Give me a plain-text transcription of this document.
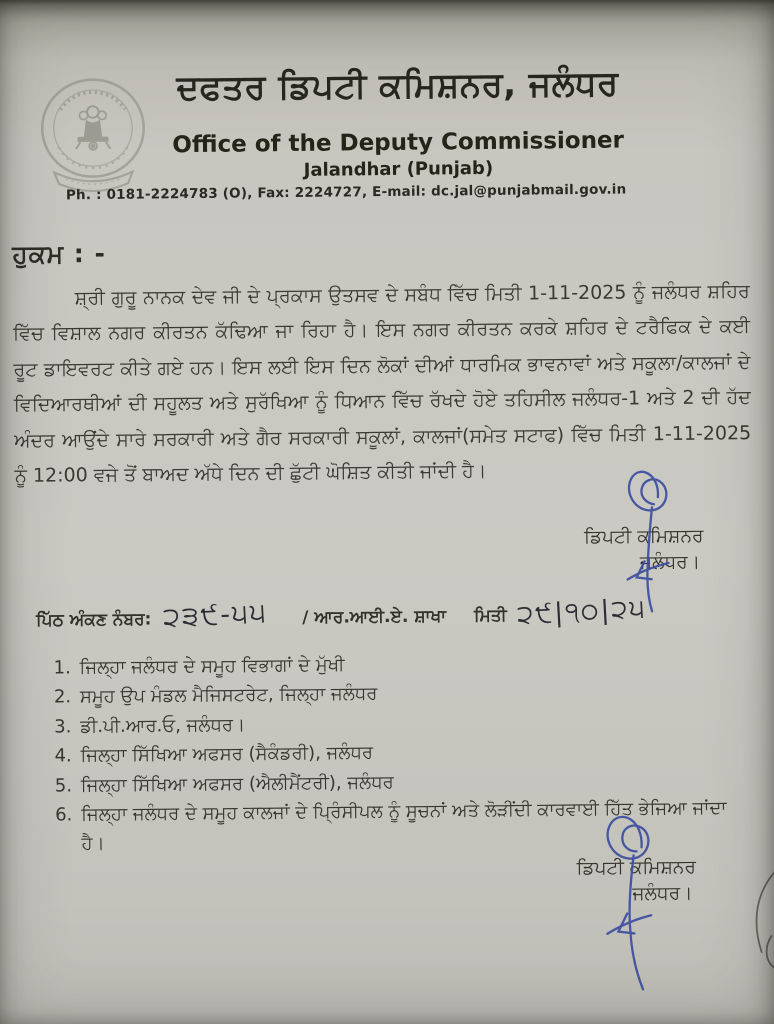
ਦਫਤਰ ਡਿਪਟੀ ਕਮਿਸ਼ਨਰ, ਜਲੰਧਰ
Office of the Deputy Commissioner
Jalandhar (Punjab)
Ph. : 0181-2224783 (O), Fax: 2224727, E-mail: dc.jal@punjabmail.gov.in
ਹੁਕਮ : -
ਸ਼੍ਰੀ ਗੁਰੂ ਨਾਨਕ ਦੇਵ ਜੀ ਦੇ ਪ੍ਰਕਾਸ ਉਤਸਵ ਦੇ ਸਬੰਧ ਵਿੱਚ ਮਿਤੀ 1-11-2025 ਨੂੰ ਜਲੰਧਰ ਸ਼ਹਿਰ ਵਿੱਚ ਵਿਸ਼ਾਲ ਨਗਰ ਕੀਰਤਨ ਕੱਢਿਆ ਜਾ ਰਿਹਾ ਹੈ। ਇਸ ਨਗਰ ਕੀਰਤਨ ਕਰਕੇ ਸ਼ਹਿਰ ਦੇ ਟਰੈਫਿਕ ਦੇ ਕਈ ਰੂਟ ਡਾਇਵਰਟ ਕੀਤੇ ਗਏ ਹਨ। ਇਸ ਲਈ ਇਸ ਦਿਨ ਲੋਕਾਂ ਦੀਆਂ ਧਾਰਮਿਕ ਭਾਵਨਾਵਾਂ ਅਤੇ ਸਕੂਲਾ/ਕਾਲਜਾਂ ਦੇ ਵਿਦਿਆਰਥੀਆਂ ਦੀ ਸਹੂਲਤ ਅਤੇ ਸੁਰੱਖਿਆ ਨੂੰ ਧਿਆਨ ਵਿੱਚ ਰੱਖਦੇ ਹੋਏ ਤਹਿਸੀਲ ਜਲੰਧਰ-1 ਅਤੇ 2 ਦੀ ਹੱਦ ਅੰਦਰ ਆਉਂਦੇ ਸਾਰੇ ਸਰਕਾਰੀ ਅਤੇ ਗੈਰ ਸਰਕਾਰੀ ਸਕੂਲਾਂ, ਕਾਲਜਾਂ(ਸਮੇਤ ਸਟਾਫ) ਵਿੱਚ ਮਿਤੀ 1-11-2025 ਨੂੰ 12:00 ਵਜੇ ਤੋਂ ਬਾਅਦ ਅੱਧੇ ਦਿਨ ਦੀ ਛੁੱਟੀ ਘੋਸ਼ਿਤ ਕੀਤੀ ਜਾਂਦੀ ਹੈ।
ਡਿਪਟੀ ਕਮਿਸ਼ਨਰ
ਜਲੰਧਰ।
ਪਿੱਠ ਅੰਕਣ ਨੰਬਰ: ੨੩੯-੫੫ / ਆਰ.ਆਈ.ਏ. ਸ਼ਾਖਾ ਮਿਤੀ ੨੯|੧੦|੨੫
1. ਜਿਲ੍ਹਾ ਜਲੰਧਰ ਦੇ ਸਮੂਹ ਵਿਭਾਗਾਂ ਦੇ ਮੁੱਖੀ
2. ਸਮੂਹ ਉਪ ਮੰਡਲ ਮੈਜਿਸਟਰੇਟ, ਜਿਲ੍ਹਾ ਜਲੰਧਰ
3. ਡੀ.ਪੀ.ਆਰ.ਓ, ਜਲੰਧਰ।
4. ਜਿਲ੍ਹਾ ਸਿੱਖਿਆ ਅਫਸਰ (ਸੈਕੰਡਰੀ), ਜਲੰਧਰ
5. ਜਿਲ੍ਹਾ ਸਿੱਖਿਆ ਅਫਸਰ (ਐਲੀਮੈਂਟਰੀ), ਜਲੰਧਰ
6. ਜਿਲ੍ਹਾ ਜਲੰਧਰ ਦੇ ਸਮੂਹ ਕਾਲਜਾਂ ਦੇ ਪ੍ਰਿੰਸੀਪਲ ਨੂੰ ਸੂਚਨਾਂ ਅਤੇ ਲੋੜੀਂਦੀ ਕਾਰਵਾਈ ਹਿੱਤ ਭੇਜਿਆ ਜਾਂਦਾ ਹੈ।
ਡਿਪਟੀ ਕਮਿਸ਼ਨਰ
ਜਲੰਧਰ।
